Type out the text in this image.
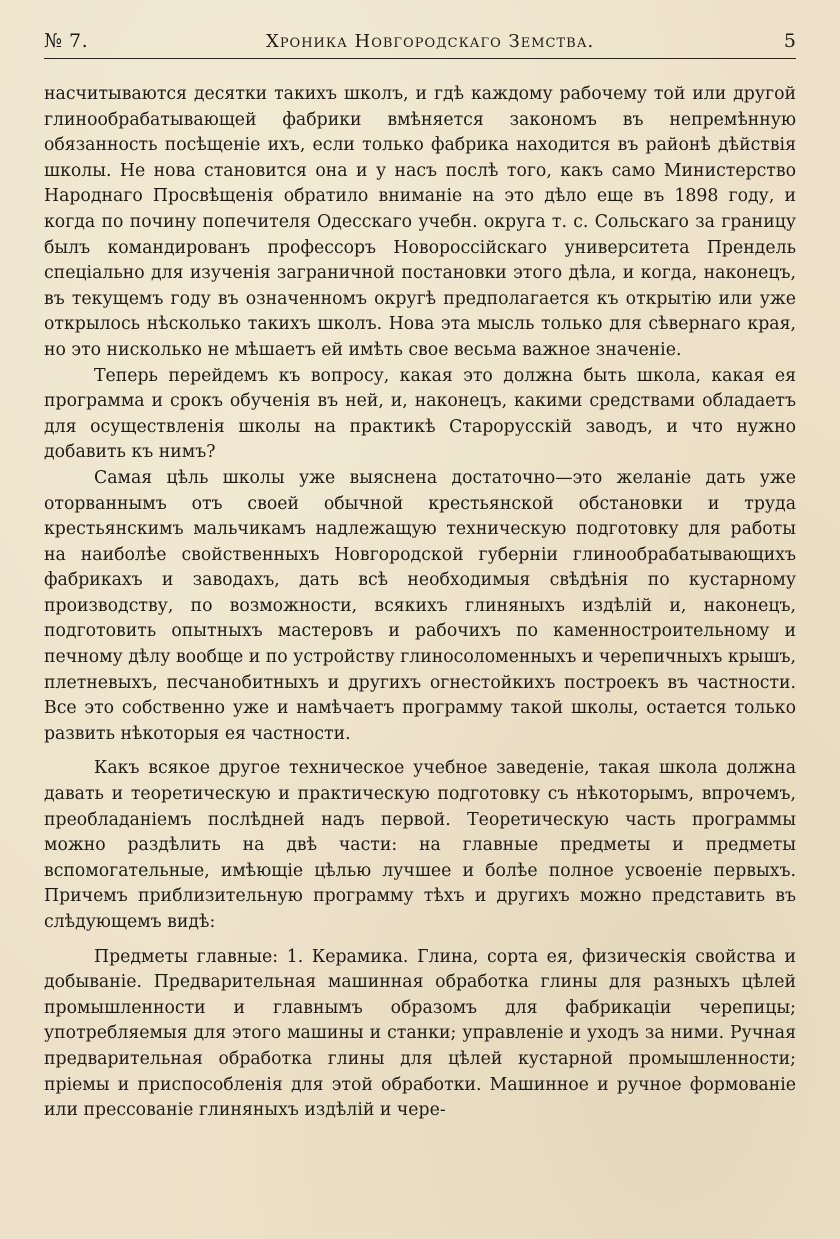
№ 7.	Хроника Новгородскаго Земства.	5

насчитываются десятки такихъ школъ, и гдѣ каждому рабочему той или другой глинообрабатывающей фабрики вмѣняется закономъ въ непремѣнную обязанность посѣщеніе ихъ, если только фабрика находится въ районѣ дѣйствія школы. Не нова становится она и у насъ послѣ того, какъ само Министерство Народнаго Просвѣщенія обратило вниманіе на это дѣло еще въ 1898 году, и когда по почину попечителя Одесскаго учебн. округа т. с. Сольскаго за границу былъ командированъ профессоръ Новороссійскаго университета Прендель спеціально для изученія заграничной постановки этого дѣла, и когда, наконецъ, въ текущемъ году въ означенномъ округѣ предполагается къ открытію или уже открылось нѣсколько такихъ школъ. Нова эта мысль только для сѣвернаго края, но это нисколько не мѣшаетъ ей имѣть свое весьма важное значеніе.

Теперь перейдемъ къ вопросу, какая это должна быть школа, какая ея программа и срокъ обученія въ ней, и, наконецъ, какими средствами обладаетъ для осуществленія школы на практикѣ Старорусскій заводъ, и что нужно добавить къ нимъ?

Самая цѣль школы уже выяснена достаточно—это желаніе дать уже оторваннымъ отъ своей обычной крестьянской обстановки и труда крестьянскимъ мальчикамъ надлежащую техническую подготовку для работы на наиболѣе свойственныхъ Новгородской губерніи глинообрабатывающихъ фабрикахъ и заводахъ, дать всѣ необходимыя свѣдѣнія по кустарному производству, по возможности, всякихъ глиняныхъ издѣлій и, наконецъ, подготовить опытныхъ мастеровъ и рабочихъ по каменностроительному и печному дѣлу вообще и по устройству глиносоломенныхъ и черепичныхъ крышъ, плетневыхъ, песчанобитныхъ и другихъ огнестойкихъ построекъ въ частности. Все это собственно уже и намѣчаетъ программу такой школы, остается только развить нѣкоторыя ея частности.

Какъ всякое другое техническое учебное заведеніе, такая школа должна давать и теоретическую и практическую подготовку съ нѣкоторымъ, впрочемъ, преобладаніемъ послѣдней надъ первой. Теоретическую часть программы можно раздѣлить на двѣ части: на главные предметы и предметы вспомогательные, имѣющіе цѣлью лучшее и болѣе полное усвоеніе первыхъ. Причемъ приблизительную программу тѣхъ и другихъ можно представить въ слѣдующемъ видѣ:

Предметы главные: 1. Керамика. Глина, сорта ея, физическія свойства и добываніе. Предварительная машинная обработка глины для разныхъ цѣлей промышленности и главнымъ образомъ для фабрикаціи черепицы; употребляемыя для этого машины и станки; управленіе и уходъ за ними. Ручная предварительная обработка глины для цѣлей кустарной промышленности; пріемы и приспособленія для этой обработки. Машинное и ручное формованіе или прессованіе глиняныхъ издѣлій и чере-
